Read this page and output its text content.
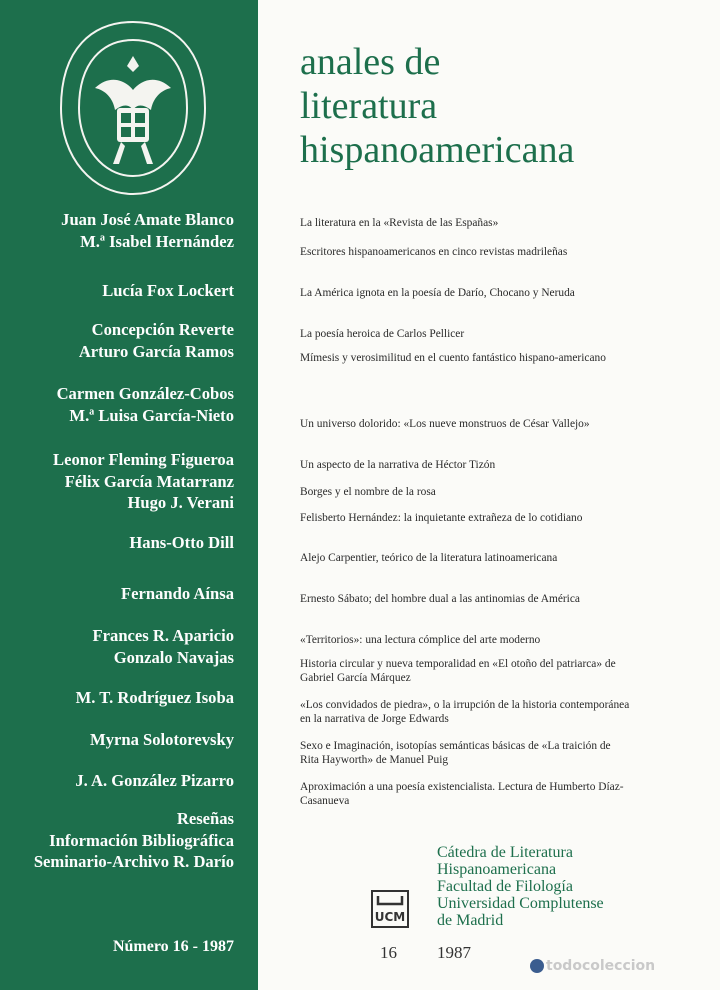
Juan José Amate Blanco
M.ª Isabel Hernández
Lucía Fox Lockert
Concepción Reverte
Arturo García Ramos
Carmen González-Cobos
M.ª Luisa García-Nieto
Leonor Fleming Figueroa
Félix García Matarranz
Hugo J. Verani
Hans-Otto Dill
Fernando Aínsa
Frances R. Aparicio
Gonzalo Navajas
M. T. Rodríguez Isoba
Myrna Solotorevsky
J. A. González Pizarro
Reseñas
Información Bibliográfica
Seminario-Archivo R. Darío
Número 16 - 1987
anales de
literatura
hispanoamericana
La literatura en la «Revista de las Españas»
Escritores hispanoamericanos en cinco revistas madrileñas
La América ignota en la poesía de Darío, Chocano y Neruda
La poesía heroica de Carlos Pellicer
Mímesis y verosimilitud en el cuento fantástico hispano-americano
Un universo dolorido: «Los nueve monstruos de César Vallejo»
Un aspecto de la narrativa de Héctor Tizón
Borges y el nombre de la rosa
Felisberto Hernández: la inquietante extrañeza de lo cotidiano
Alejo Carpentier, teórico de la literatura latinoamericana
Ernesto Sábato; del hombre dual a las antinomias de América
«Territorios»: una lectura cómplice del arte moderno
Historia circular y nueva temporalidad en «El otoño del patriarca» de Gabriel García Márquez
«Los convidados de piedra», o la irrupción de la historia contemporánea en la narrativa de Jorge Edwards
Sexo e Imaginación, isotopías semánticas básicas de «La traición de Rita Hayworth» de Manuel Puig
Aproximación a una poesía existencialista. Lectura de Humberto Díaz-Casanueva
Cátedra de Literatura
Hispanoamericana
Facultad de Filología
Universidad Complutense
de Madrid
UCM
16 1987
todocoleccion
